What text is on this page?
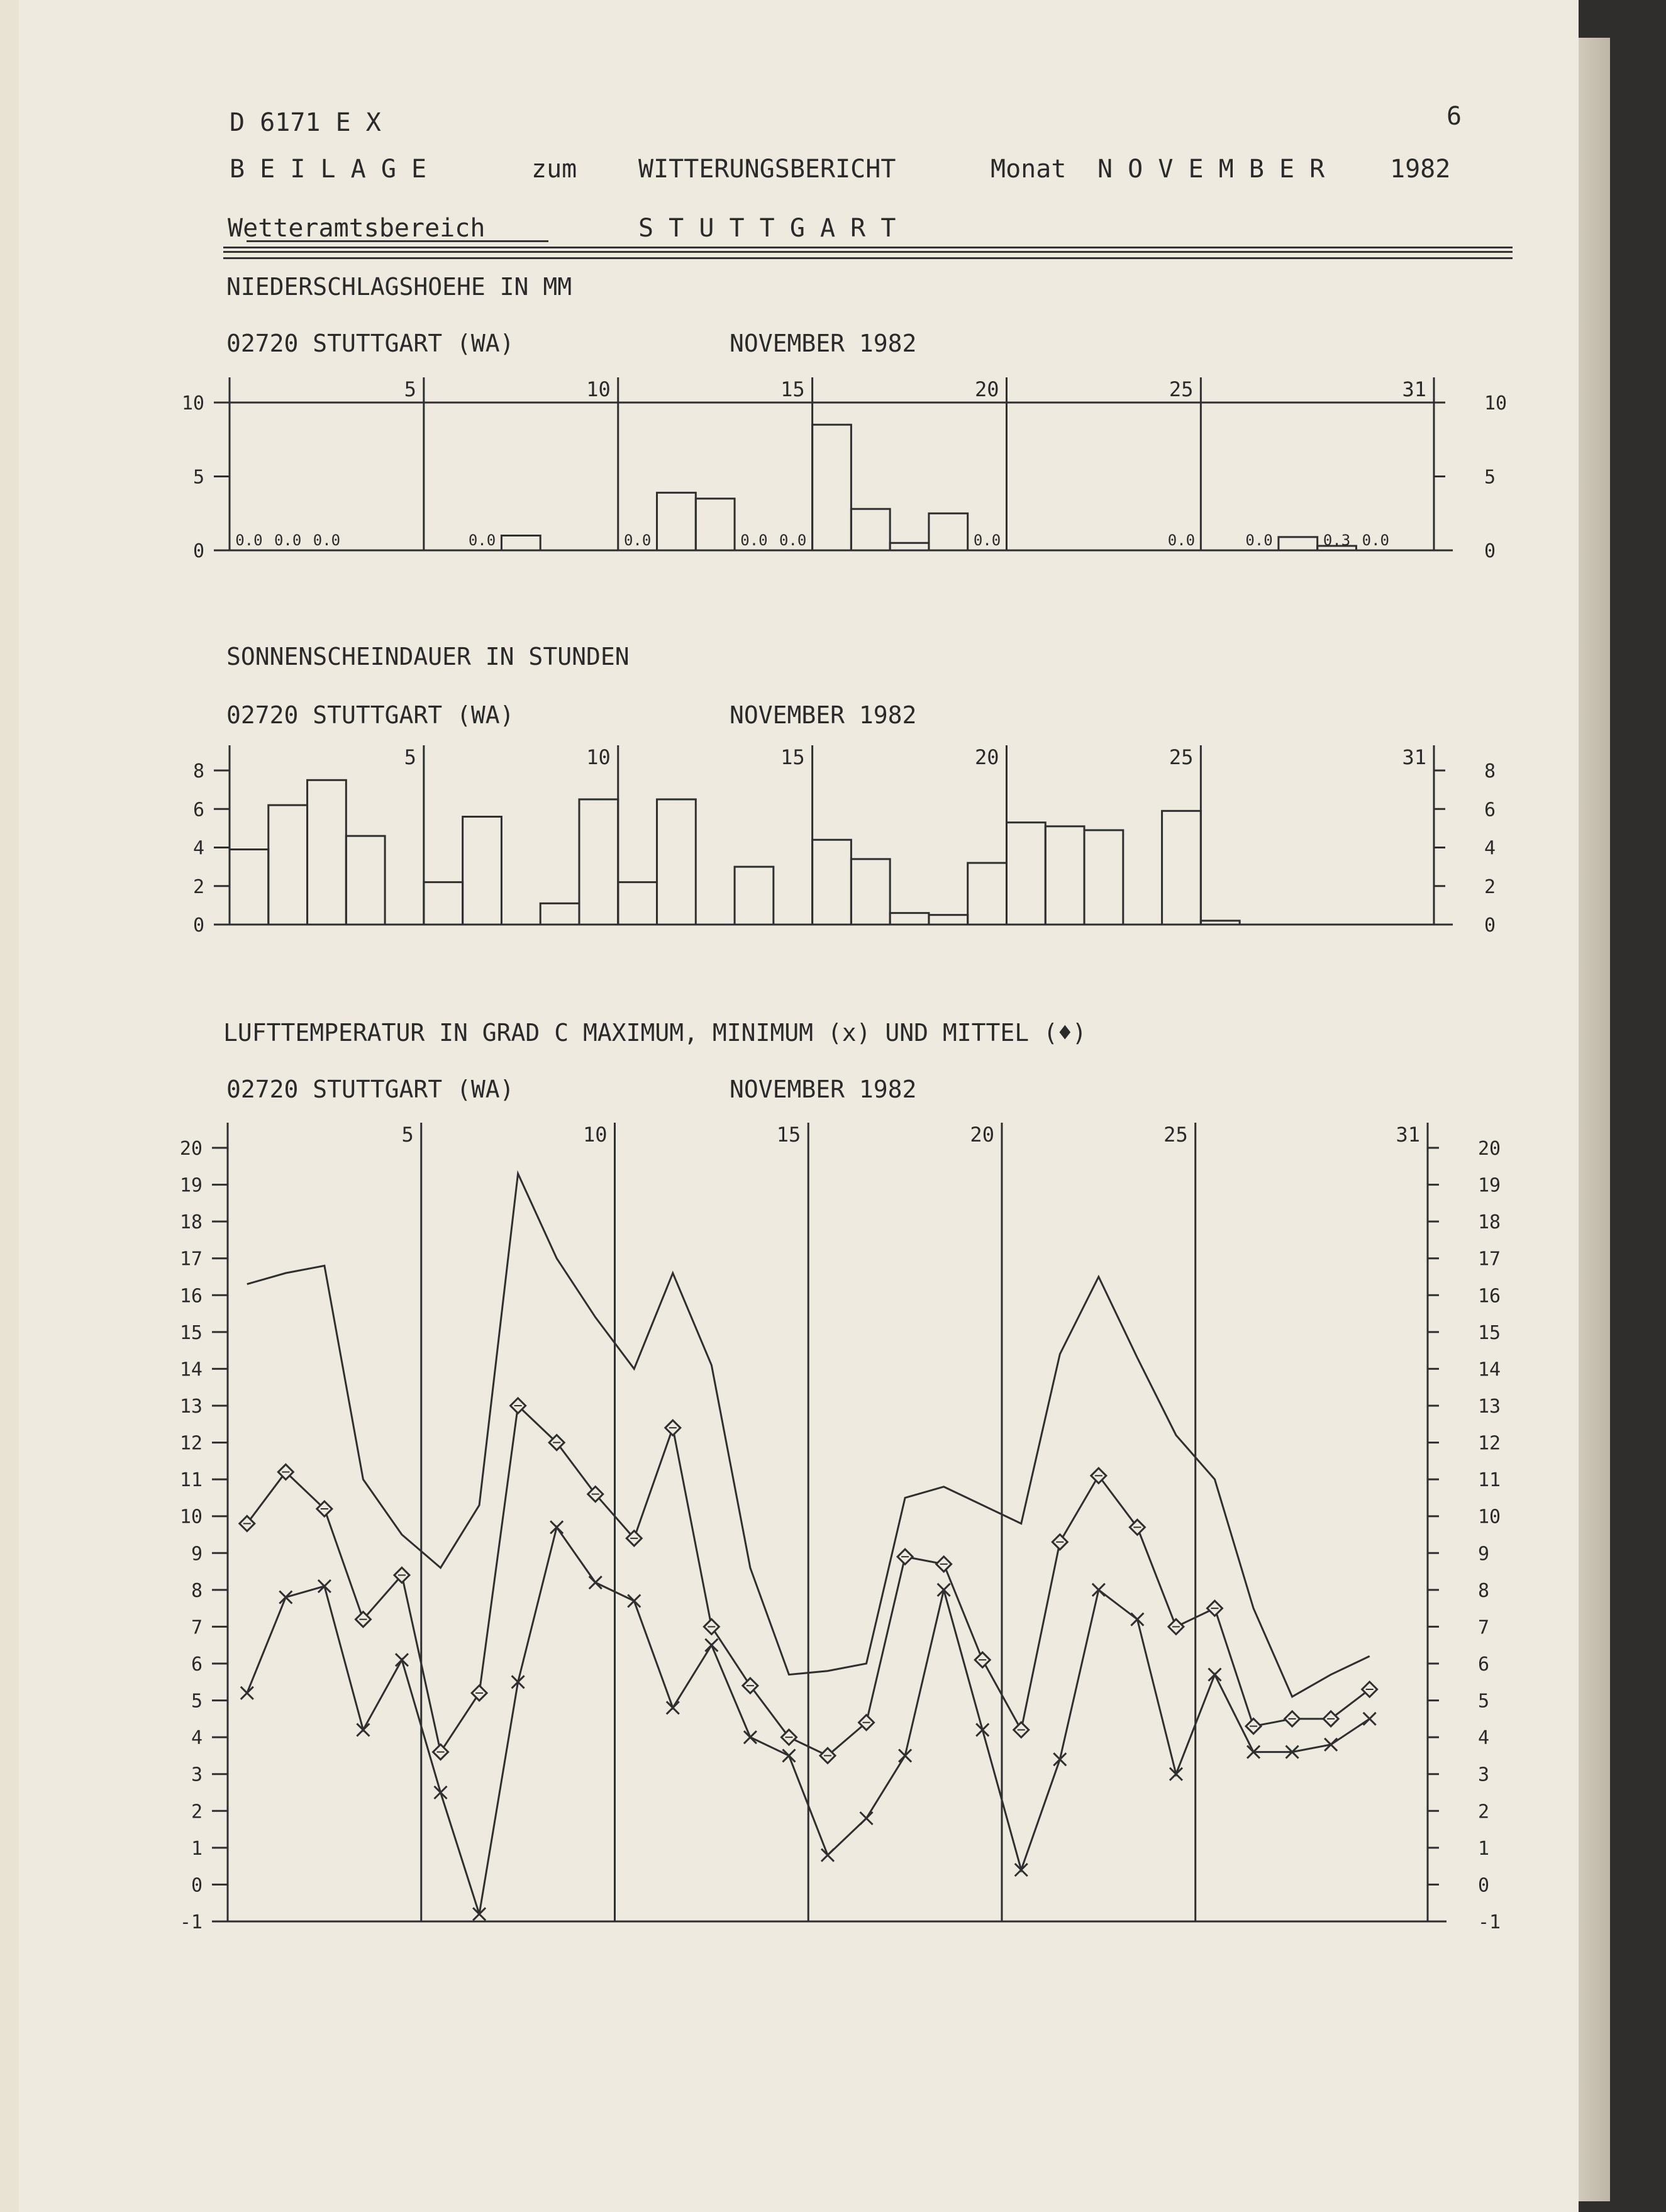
D 6171 E X	6
B E I L A G E	zum WITTERUNGSBERICHT	Monat N O V E M B E R	1982
Wetteramtsbereich	S T U T T G A R T
NIEDERSCHLAGSHOEHE IN MM
02720 STUTTGART (WA)	NOVEMBER 1982
SONNENSCHEINDAUER IN STUNDEN
02720 STUTTGART (WA)	NOVEMBER 1982
LUFTTEMPERATUR IN GRAD C MAXIMUM, MINIMUM (x) UND MITTEL (♦)
02720 STUTTGART (WA)	NOVEMBER 1982
0	0
5	5
10	10
5	10	15	20	25	31
0.0 0.0 0.0	0.0	0.0	0.0 0.0	0.0	0.0	0.0	0.3 0.0
0	0
2	2
4	4
6	6
8	8
5	10	15	20	25	31
-1	-1
0	0
1	1
2	2
3	3
4	4
5	5
6	6
7	7
8	8
9	9
10	10
11	11
12	12
13	13
14	14
15	15
16	16
17	17
18	18
19	19
20	20
5	10	15	20	25	31
